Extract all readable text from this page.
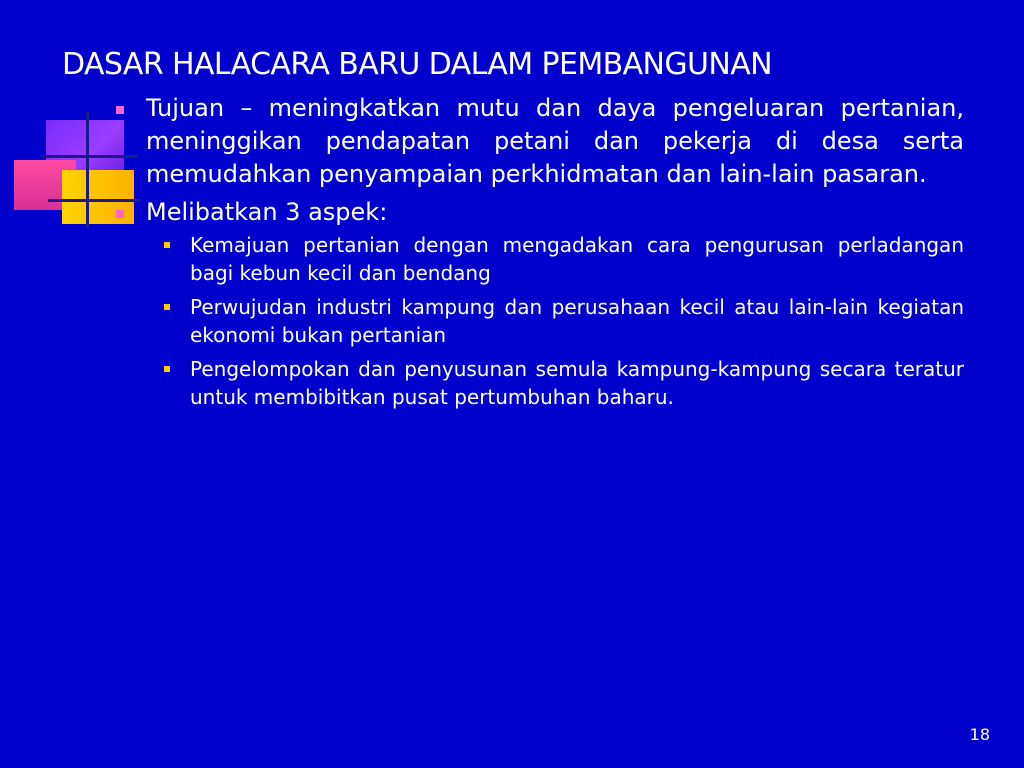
DASAR HALACARA BARU DALAM PEMBANGUNAN
Tujuan – meningkatkan mutu dan daya pengeluaran pertanian, meninggikan pendapatan petani dan pekerja di desa serta memudahkan penyampaian perkhidmatan dan lain-lain pasaran.
Melibatkan 3 aspek:
Kemajuan pertanian dengan mengadakan cara pengurusan perladangan bagi kebun kecil dan bendang
Perwujudan industri kampung dan perusahaan kecil atau lain-lain kegiatan ekonomi bukan pertanian
Pengelompokan dan penyusunan semula kampung-kampung secara teratur untuk membibitkan pusat pertumbuhan baharu.
18
